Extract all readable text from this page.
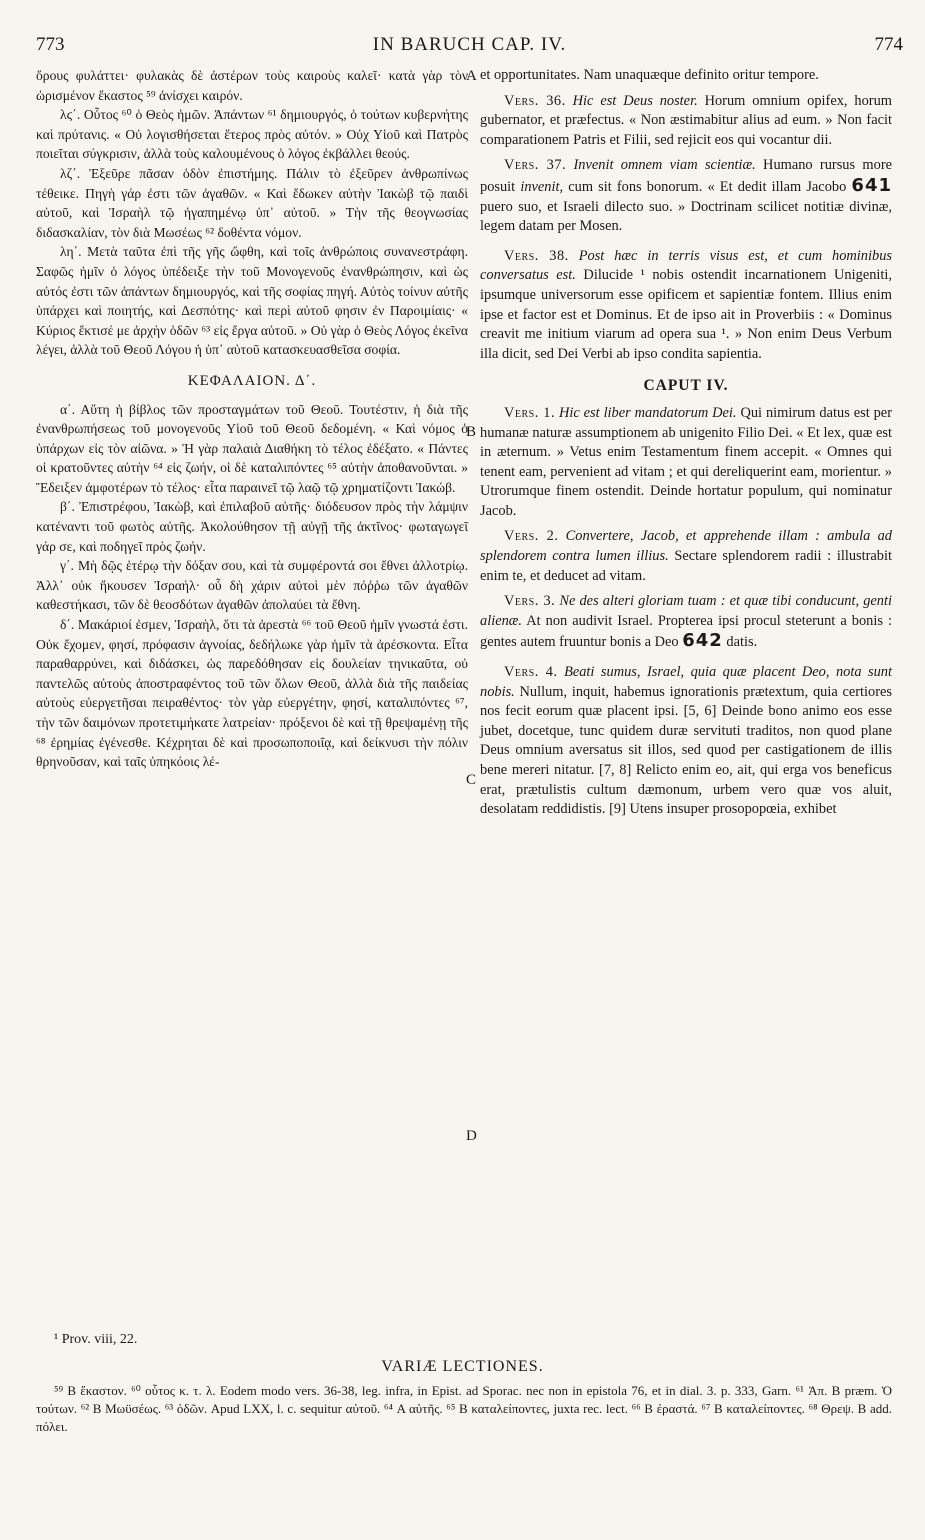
773	IN BARUCH CAP. IV.	774

ὄρους φυλάττει· φυλακὰς δὲ ἀστέρων τοὺς καιροὺς καλεῖ· κατὰ γὰρ τὸν ὡρισμένον ἕκαστος ⁵⁹ ἀνίσχει καιρόν.

λϛ΄. Οὗτος ⁶⁰ ὁ Θεὸς ἡμῶν. Ἁπάντων ⁶¹ δημιουργός, ὁ τούτων κυβερνήτης καὶ πρύτανις. « Οὐ λογισθήσεται ἕτερος πρὸς αὐτόν. » Οὐχ Υἱοῦ καὶ Πατρὸς ποιεῖται σύγκρισιν, ἀλλὰ τοὺς καλουμένους ὁ λόγος ἐκβάλλει θεούς.

λζ΄. Ἐξεῦρε πᾶσαν ὁδὸν ἐπιστήμης. Πάλιν τὸ ἐξεῦρεν ἀνθρωπίνως τέθεικε. Πηγὴ γάρ ἐστι τῶν ἀγαθῶν. « Καὶ ἔδωκεν αὐτὴν Ἰακὼβ τῷ παιδὶ αὐτοῦ, καὶ Ἰσραὴλ τῷ ἠγαπημένῳ ὑπ᾽ αὐτοῦ. » Τὴν τῆς θεογνωσίας διδασκαλίαν, τὸν διὰ Μωσέως ⁶² δοθέντα νόμον.

λη΄. Μετὰ ταῦτα ἐπὶ τῆς γῆς ὤφθη, καὶ τοῖς ἀνθρώποις συνανεστράφη. Σαφῶς ἡμῖν ὁ λόγος ὑπέδειξε τὴν τοῦ Μονογενοῦς ἐνανθρώπησιν, καὶ ὡς αὐτός ἐστι τῶν ἁπάντων δημιουργός, καὶ τῆς σοφίας πηγή. Αὐτὸς τοίνυν αὐτῆς ὑπάρχει καὶ ποιητής, καὶ Δεσπότης· καὶ περὶ αὐτοῦ φησιν ἐν Παροιμίαις· « Κύριος ἔκτισέ με ἀρχὴν ὁδῶν ⁶³ εἰς ἔργα αὐτοῦ. » Οὐ γὰρ ὁ Θεὸς Λόγος ἐκεῖνα λέγει, ἀλλὰ τοῦ Θεοῦ Λόγου ἡ ὑπ᾽ αὐτοῦ κατασκευασθεῖσα σοφία.

ΚΕΦΑΛΑΙΟΝ. Δ΄.

α΄. Αὕτη ἡ βίβλος τῶν προσταγμάτων τοῦ Θεοῦ. Τουτέστιν, ἡ διὰ τῆς ἐνανθρωπήσεως τοῦ μονογενοῦς Υἱοῦ τοῦ Θεοῦ δεδομένη. « Καὶ νόμος ὁ ὑπάρχων εἰς τὸν αἰῶνα. » Ἡ γὰρ παλαιὰ Διαθήκη τὸ τέλος ἐδέξατο. « Πάντες οἱ κρατοῦντες αὐτὴν ⁶⁴ εἰς ζωήν, οἱ δὲ καταλιπόντες ⁶⁵ αὐτὴν ἀποθανοῦνται. » Ἔδειξεν ἀμφοτέρων τὸ τέλος· εἶτα παραινεῖ τῷ λαῷ τῷ χρηματίζοντι Ἰακώβ.

β΄. Ἐπιστρέφου, Ἰακὼβ, καὶ ἐπιλαβοῦ αὐτῆς· διόδευσον πρὸς τὴν λάμψιν κατέναντι τοῦ φωτὸς αὐτῆς. Ἀκολούθησον τῇ αὐγῇ τῆς ἀκτῖνος· φωταγωγεῖ γάρ σε, καὶ ποδηγεῖ πρὸς ζωήν.

γ΄. Μὴ δῷς ἑτέρῳ τὴν δόξαν σου, καὶ τὰ συμφέροντά σοι ἔθνει ἀλλοτρίῳ. Ἀλλ᾽ οὐκ ἤκουσεν Ἰσραήλ· οὗ δὴ χάριν αὐτοὶ μὲν πόῤῥω τῶν ἀγαθῶν καθεστήκασι, τῶν δὲ θεοσδότων ἀγαθῶν ἀπολαύει τὰ ἔθνη.

δ΄. Μακάριοί ἐσμεν, Ἰσραὴλ, ὅτι τὰ ἀρεστὰ ⁶⁶ τοῦ Θεοῦ ἡμῖν γνωστά ἐστι. Οὐκ ἔχομεν, φησί, πρόφασιν ἀγνοίας, δεδήλωκε γὰρ ἡμῖν τὰ ἀρέσκοντα. Εἶτα παραθαρρύνει, καὶ διδάσκει, ὡς παρεδόθησαν εἰς δουλείαν τηνικαῦτα, οὐ παντελῶς αὐτοὺς ἀποστραφέντος τοῦ τῶν ὅλων Θεοῦ, ἀλλὰ διὰ τῆς παιδείας αὐτοὺς εὐεργετῆσαι πειραθέντος· τὸν γὰρ εὐεργέτην, φησί, καταλιπόντες ⁶⁷, τὴν τῶν δαιμόνων προτετιμήκατε λατρείαν· πρόξενοι δὲ καὶ τῇ θρεψαμένῃ τῆς ⁶⁸ ἐρημίας ἐγένεσθε. Κέχρηται δὲ καὶ προσωποποιΐᾳ, καὶ δείκνυσι τὴν πόλιν θρηνοῦσαν, καὶ ταῖς ὑπηκόοις λέ-

A
B
C
D

et opportunitates. Nam unaquæque definito oritur tempore.

Vers. 36. Hic est Deus noster. Horum omnium opifex, horum gubernator, et præfectus. « Non æstimabitur alius ad eum. » Non facit comparationem Patris et Filii, sed rejicit eos qui vocantur dii.

Vers. 37. Invenit omnem viam scientiæ. Humano rursus more posuit invenit, cum sit fons bonorum. « Et dedit illam Jacobo 641 puero suo, et Israeli dilecto suo. » Doctrinam scilicet notitiæ divinæ, legem datam per Mosen.

Vers. 38. Post hæc in terris visus est, et cum hominibus conversatus est. Dilucide ¹ nobis ostendit incarnationem Unigeniti, ipsumque universorum esse opificem et sapientiæ fontem. Illius enim ipse et factor est et Dominus. Et de ipso ait in Proverbiis : « Dominus creavit me initium viarum ad opera sua ¹. » Non enim Deus Verbum illa dicit, sed Dei Verbi ab ipso condita sapientia.

CAPUT IV.

Vers. 1. Hic est liber mandatorum Dei. Qui nimirum datus est per humanæ naturæ assumptionem ab unigenito Filio Dei. « Et lex, quæ est in æternum. » Vetus enim Testamentum finem accepit. « Omnes qui tenent eam, pervenient ad vitam ; et qui dereliquerint eam, morientur. » Utrorumque finem ostendit. Deinde hortatur populum, qui nominatur Jacob.

Vers. 2. Convertere, Jacob, et apprehende illam : ambula ad splendorem contra lumen illius. Sectare splendorem radii : illustrabit enim te, et deducet ad vitam.

Vers. 3. Ne des alteri gloriam tuam : et quæ tibi conducunt, genti alienæ. At non audivit Israel. Propterea ipsi procul steterunt a bonis : gentes autem fruuntur bonis a Deo 642 datis.

Vers. 4. Beati sumus, Israel, quia quæ placent Deo, nota sunt nobis. Nullum, inquit, habemus ignorationis prætextum, quia certiores nos fecit eorum quæ placent ipsi. [5, 6] Deinde bono animo eos esse jubet, docetque, tunc quidem duræ servituti traditos, non quod plane Deus omnium aversatus sit illos, sed quod per castigationem de illis bene mereri nitatur. [7, 8] Relicto enim eo, ait, qui erga vos beneficus erat, prætulistis cultum dæmonum, urbem vero quæ vos aluit, desolatam reddidistis. [9] Utens insuper prosopopœia, exhibet

¹ Prov. viii, 22.
VARIÆ LECTIONES.
⁵⁹ B ἕκαστον. ⁶⁰ οὗτος κ. τ. λ. Eodem modo vers. 36-38, leg. infra, in Epist. ad Sporac. nec non in epistola 76, et in dial. 3. p. 333, Garn. ⁶¹ Ἁπ. B præm. Ὁ τούτων. ⁶² B Μωϋσέως. ⁶³ ὁδῶν. Apud LXX, l. c. sequitur αὐτοῦ. ⁶⁴ A αὐτῆς. ⁶⁵ B καταλείποντες, juxta rec. lect. ⁶⁶ B ἐραστά. ⁶⁷ B καταλείποντες. ⁶⁸ Θρεψ. B add. πόλει.
